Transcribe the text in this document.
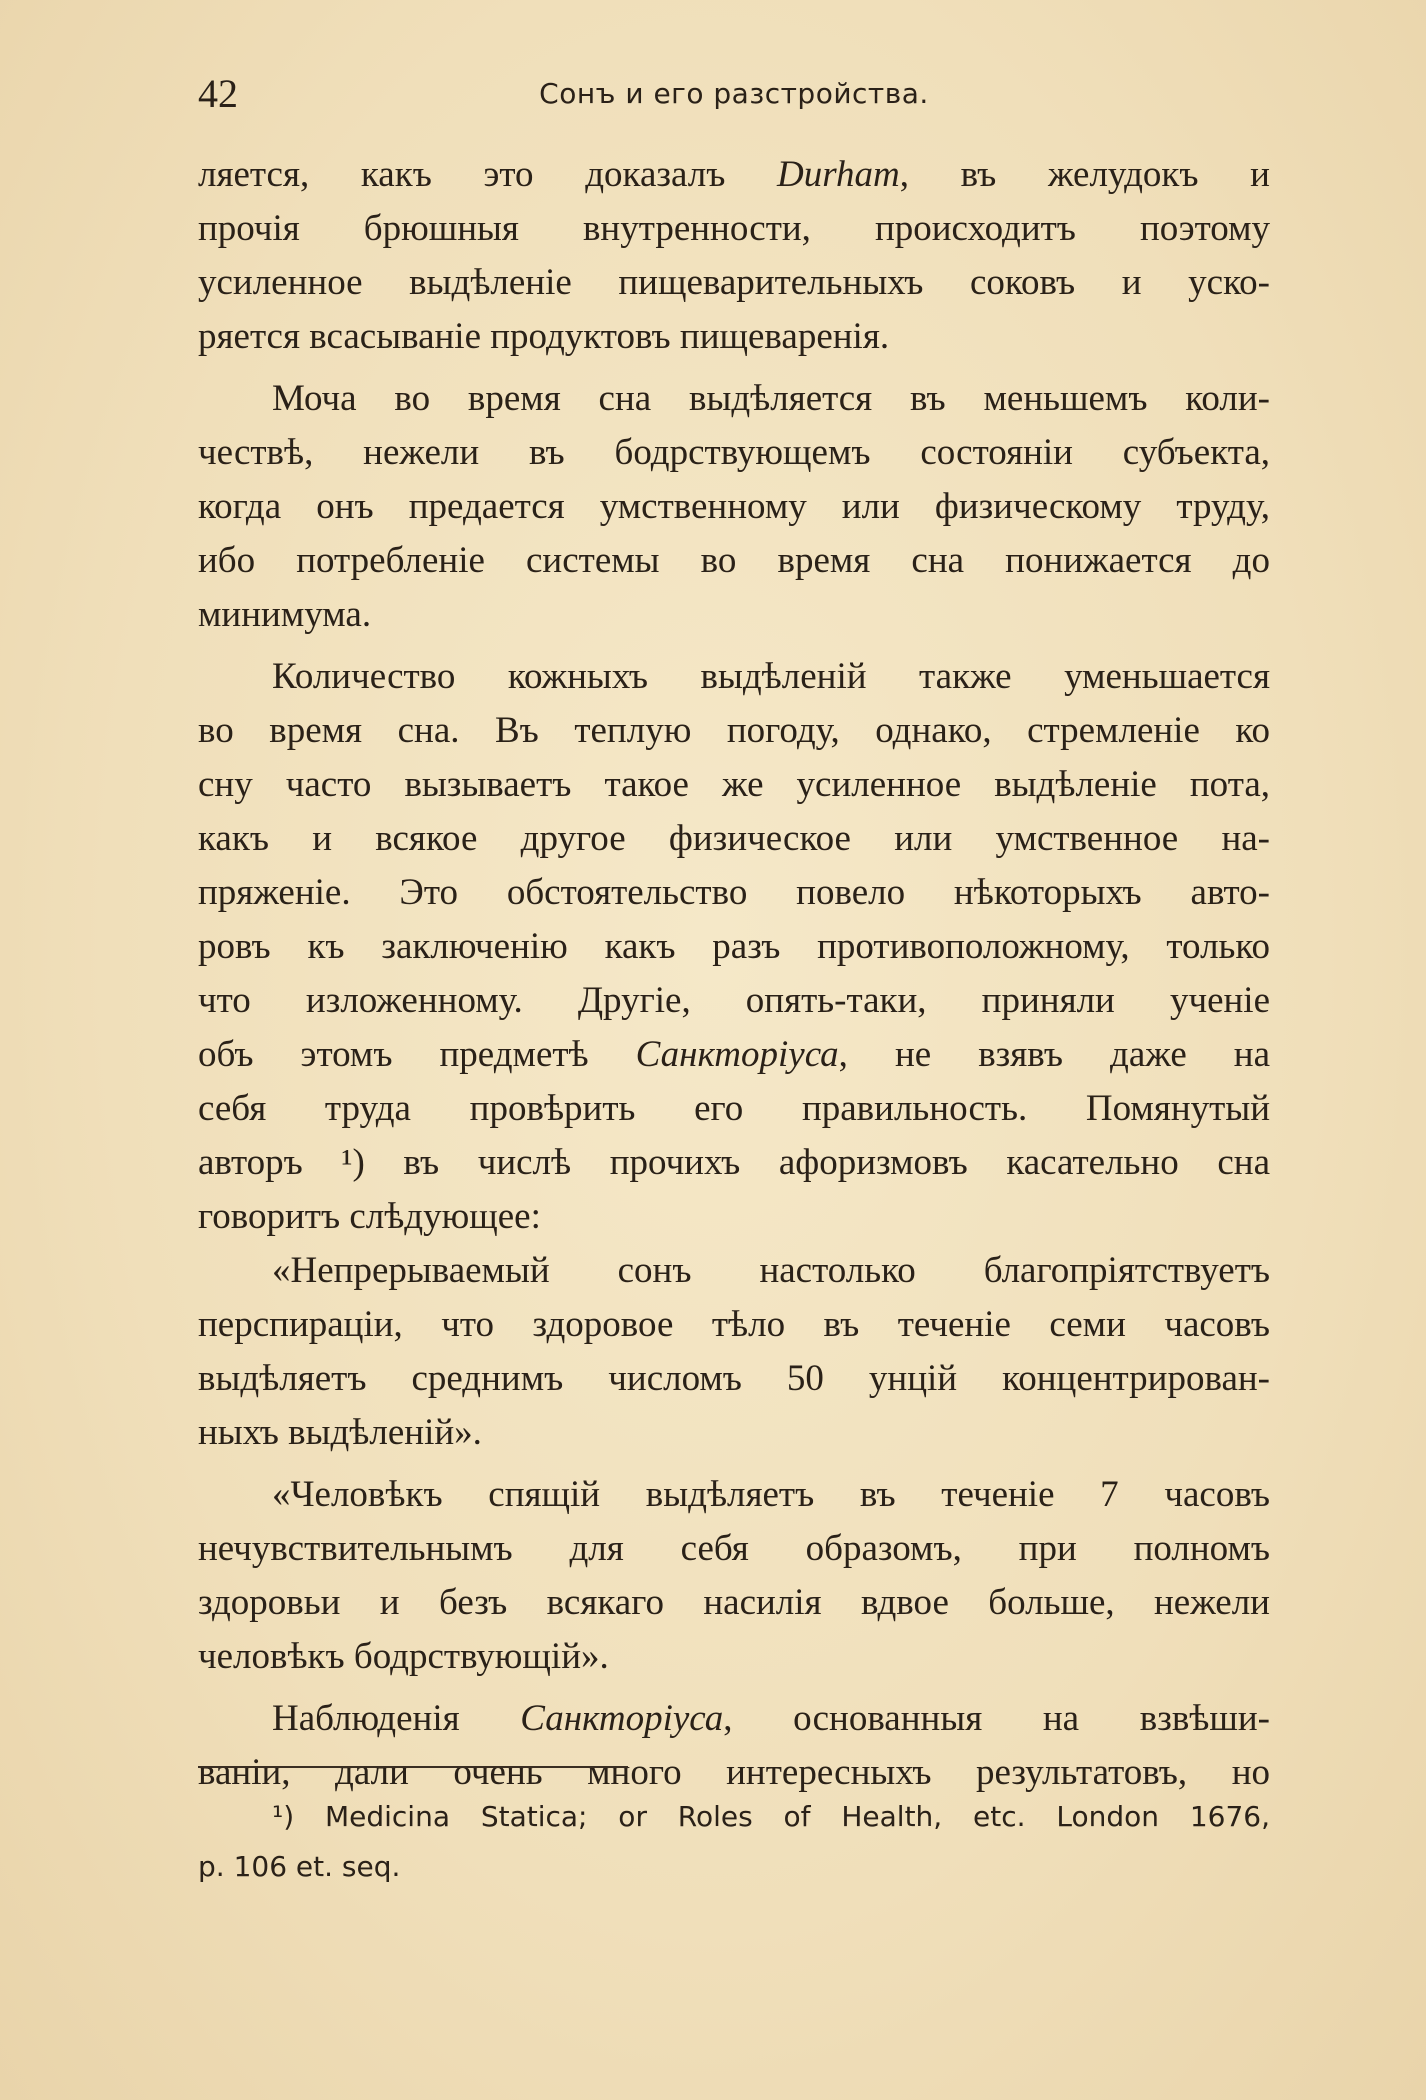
42	Сонъ и его разстройства.
ляется, какъ это доказалъ Durham, въ желудокъ и
прочія брюшныя внутренности, происходитъ поэтому
усиленное выдѣленіе пищеварительныхъ соковъ и уско-
ряется всасываніе продуктовъ пищеваренія.
Моча во время сна выдѣляется въ меньшемъ коли-
чествѣ, нежели въ бодрствующемъ состояніи субъекта,
когда онъ предается умственному или физическому труду,
ибо потребленіе системы во время сна понижается до
минимума.
Количество кожныхъ выдѣленій также уменьшается
во время сна. Въ теплую погоду, однако, стремленіе ко
сну часто вызываетъ такое же усиленное выдѣленіе пота,
какъ и всякое другое физическое или умственное на-
пряженіе. Это обстоятельство повело нѣкоторыхъ авто-
ровъ къ заключенію какъ разъ противоположному, только
что изложенному. Другіе, опять-таки, приняли ученіе
объ этомъ предметѣ Санкторіуса, не взявъ даже на
себя труда провѣрить его правильность. Помянутый
авторъ ¹) въ числѣ прочихъ афоризмовъ касательно сна
говоритъ слѣдующее:
«Непрерываемый сонъ настолько благопріятствуетъ
перспираціи, что здоровое тѣло въ теченіе семи часовъ
выдѣляетъ среднимъ числомъ 50 унцій концентрирован-
ныхъ выдѣленій».
«Человѣкъ спящій выдѣляетъ въ теченіе 7 часовъ
нечувствительнымъ для себя образомъ, при полномъ
здоровьи и безъ всякаго насилія вдвое больше, нежели
человѣкъ бодрствующій».
Наблюденія Санкторіуса, основанныя на взвѣши-
ваніи, дали очень много интересныхъ результатовъ, но
¹) Medicina Statica; or Roles of Health, etc. London 1676,
p. 106 et. seq.
